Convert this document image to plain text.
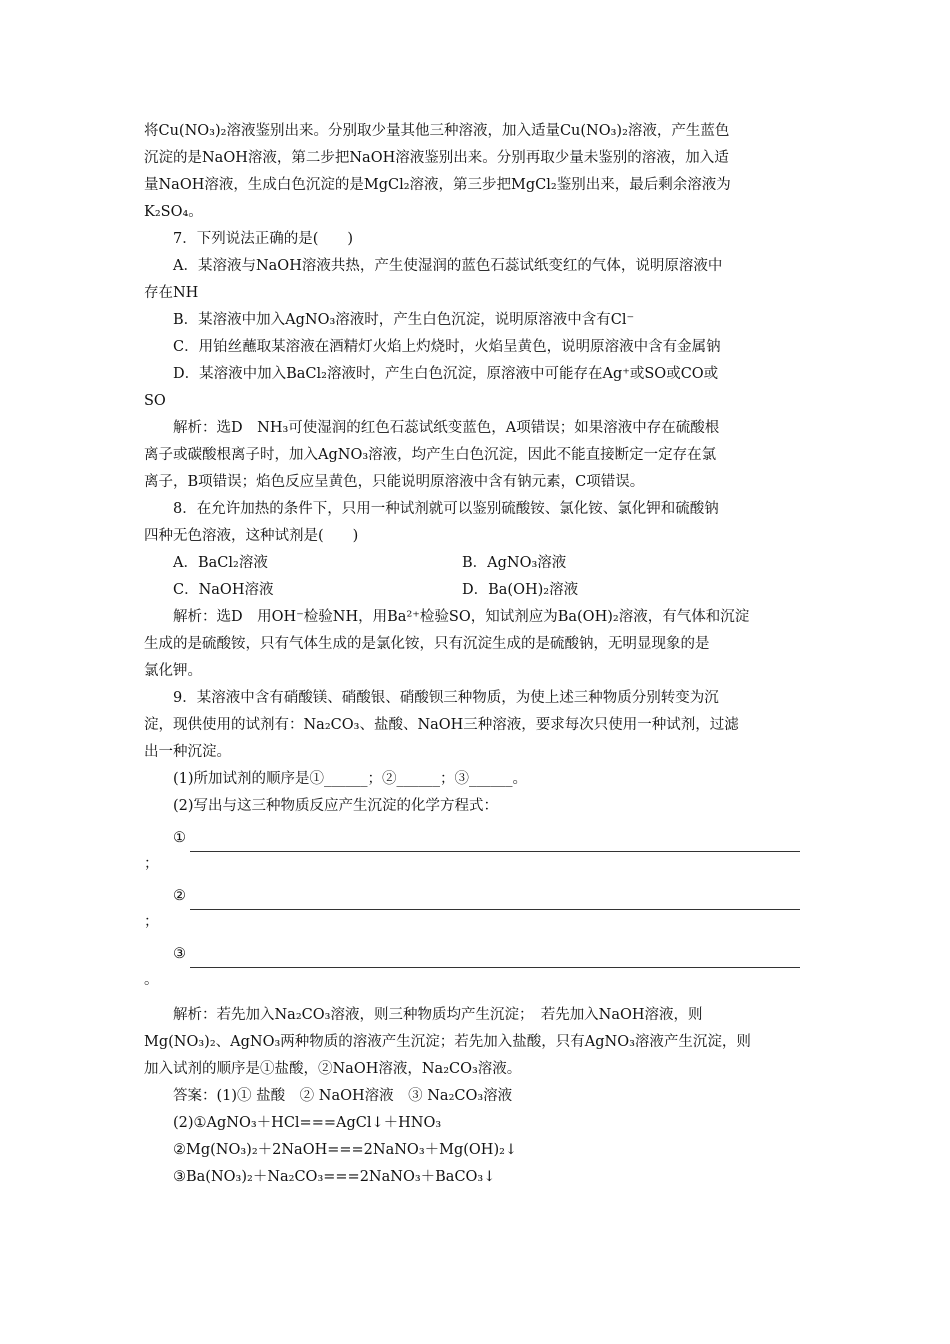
将Cu(NO₃)₂溶液鉴别出来。分别取少量其他三种溶液，加入适量Cu(NO₃)₂溶液，产生蓝色

沉淀的是NaOH溶液，第二步把NaOH溶液鉴别出来。分别再取少量未鉴别的溶液，加入适

量NaOH溶液，生成白色沉淀的是MgCl₂溶液，第三步把MgCl₂鉴别出来，最后剩余溶液为

K₂SO₄。

7．下列说法正确的是(　　)

A．某溶液与NaOH溶液共热，产生使湿润的蓝色石蕊试纸变红的气体，说明原溶液中

存在NH

B．某溶液中加入AgNO₃溶液时，产生白色沉淀，说明原溶液中含有Cl⁻

C．用铂丝蘸取某溶液在酒精灯火焰上灼烧时，火焰呈黄色，说明原溶液中含有金属钠

D．某溶液中加入BaCl₂溶液时，产生白色沉淀，原溶液中可能存在Ag⁺或SO或CO或

SO

解析：选D　NH₃可使湿润的红色石蕊试纸变蓝色，A项错误；如果溶液中存在硫酸根

离子或碳酸根离子时，加入AgNO₃溶液，均产生白色沉淀，因此不能直接断定一定存在氯

离子，B项错误；焰色反应呈黄色，只能说明原溶液中含有钠元素，C项错误。

8．在允许加热的条件下，只用一种试剂就可以鉴别硫酸铵、氯化铵、氯化钾和硫酸钠

四种无色溶液，这种试剂是(　　)

A．BaCl₂溶液	B．AgNO₃溶液
C．NaOH溶液	D．Ba(OH)₂溶液

解析：选D　用OH⁻检验NH，用Ba²⁺检验SO，知试剂应为Ba(OH)₂溶液，有气体和沉淀

生成的是硫酸铵，只有气体生成的是氯化铵，只有沉淀生成的是硫酸钠，无明显现象的是

氯化钾。

9．某溶液中含有硝酸镁、硝酸银、硝酸钡三种物质，为使上述三种物质分别转变为沉

淀，现供使用的试剂有：Na₂CO₃、盐酸、NaOH三种溶液，要求每次只使用一种试剂，过滤

出一种沉淀。

(1)所加试剂的顺序是①______；②______；③______。

(2)写出与这三种物质反应产生沉淀的化学方程式：

①

；

②

；

③

。

解析：若先加入Na₂CO₃溶液，则三种物质均产生沉淀；　若先加入NaOH溶液，则

Mg(NO₃)₂、AgNO₃两种物质的溶液产生沉淀；若先加入盐酸，只有AgNO₃溶液产生沉淀，则

加入试剂的顺序是①盐酸，②NaOH溶液，Na₂CO₃溶液。

答案：(1)① 盐酸　② NaOH溶液　③ Na₂CO₃溶液

(2)①AgNO₃＋HCl===AgCl↓＋HNO₃

②Mg(NO₃)₂＋2NaOH===2NaNO₃＋Mg(OH)₂↓

③Ba(NO₃)₂＋Na₂CO₃===2NaNO₃＋BaCO₃↓
